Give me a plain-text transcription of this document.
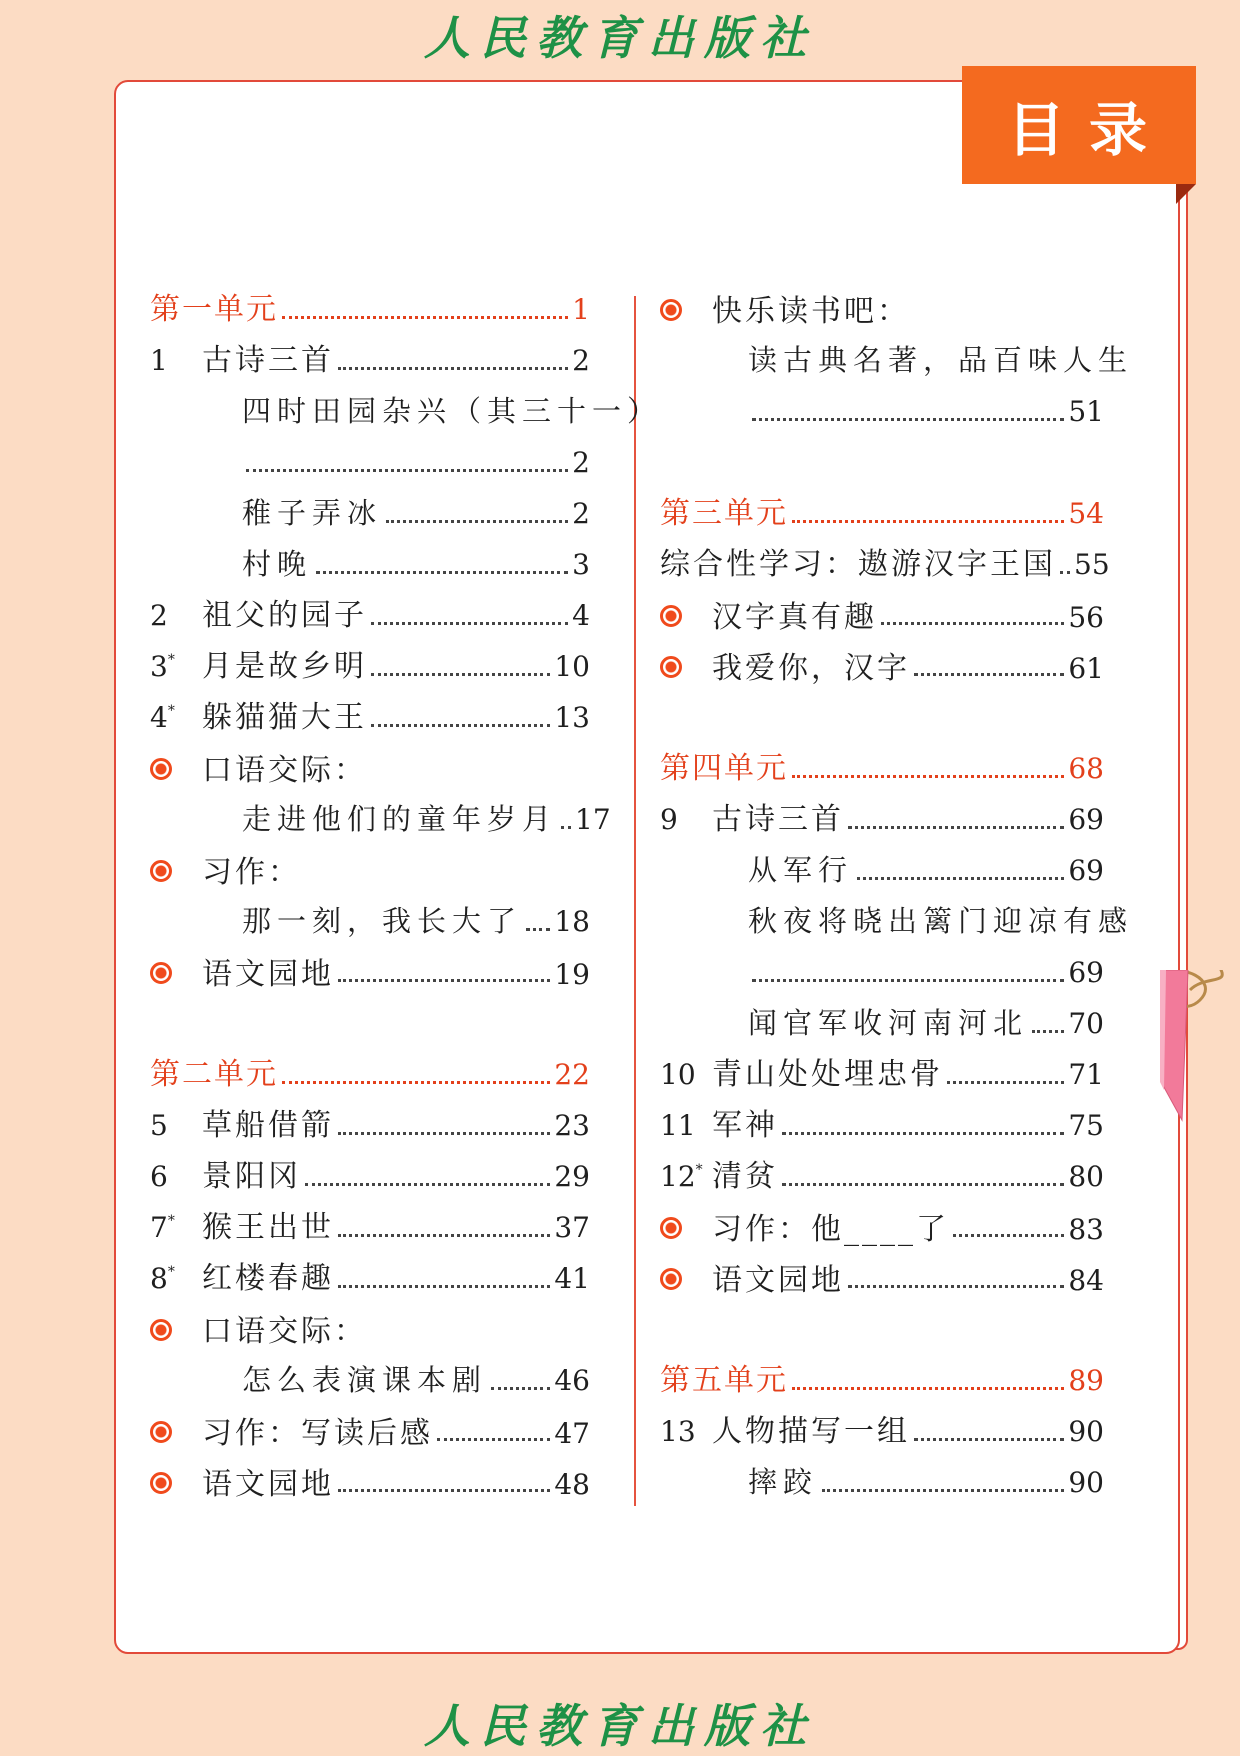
人民教育出版社
目录
第一单元	1
1	古诗三首	2
四时田园杂兴（其三十一）
2
稚子弄冰	2
村晚	3
2	祖父的园子	4
3* 月是故乡明	10
4* 躲猫猫大王	13
口语交际：
走进他们的童年岁月 17
习作：
那一刻，我长大了 18
语文园地	19
第二单元	22
5	草船借箭	23
6	景阳冈	29
7* 猴王出世	37
8* 红楼春趣	41
口语交际：
怎么表演课本剧 46
习作：写读后感	47
语文园地	48
快乐读书吧：
读古典名著，品百味人生
51
第三单元	54
综合性学习：遨游汉字王国 55
汉字真有趣	56
我爱你，汉字	61
第四单元	68
9	古诗三首	69
从军行	69
秋夜将晓出篱门迎凉有感
69
闻官军收河南河北 70
10 青山处处埋忠骨	71
11 军神	75
12* 清贫	80
习作：他____了	83
语文园地	84
第五单元	89
13 人物描写一组	90
摔跤	90
人民教育出版社
